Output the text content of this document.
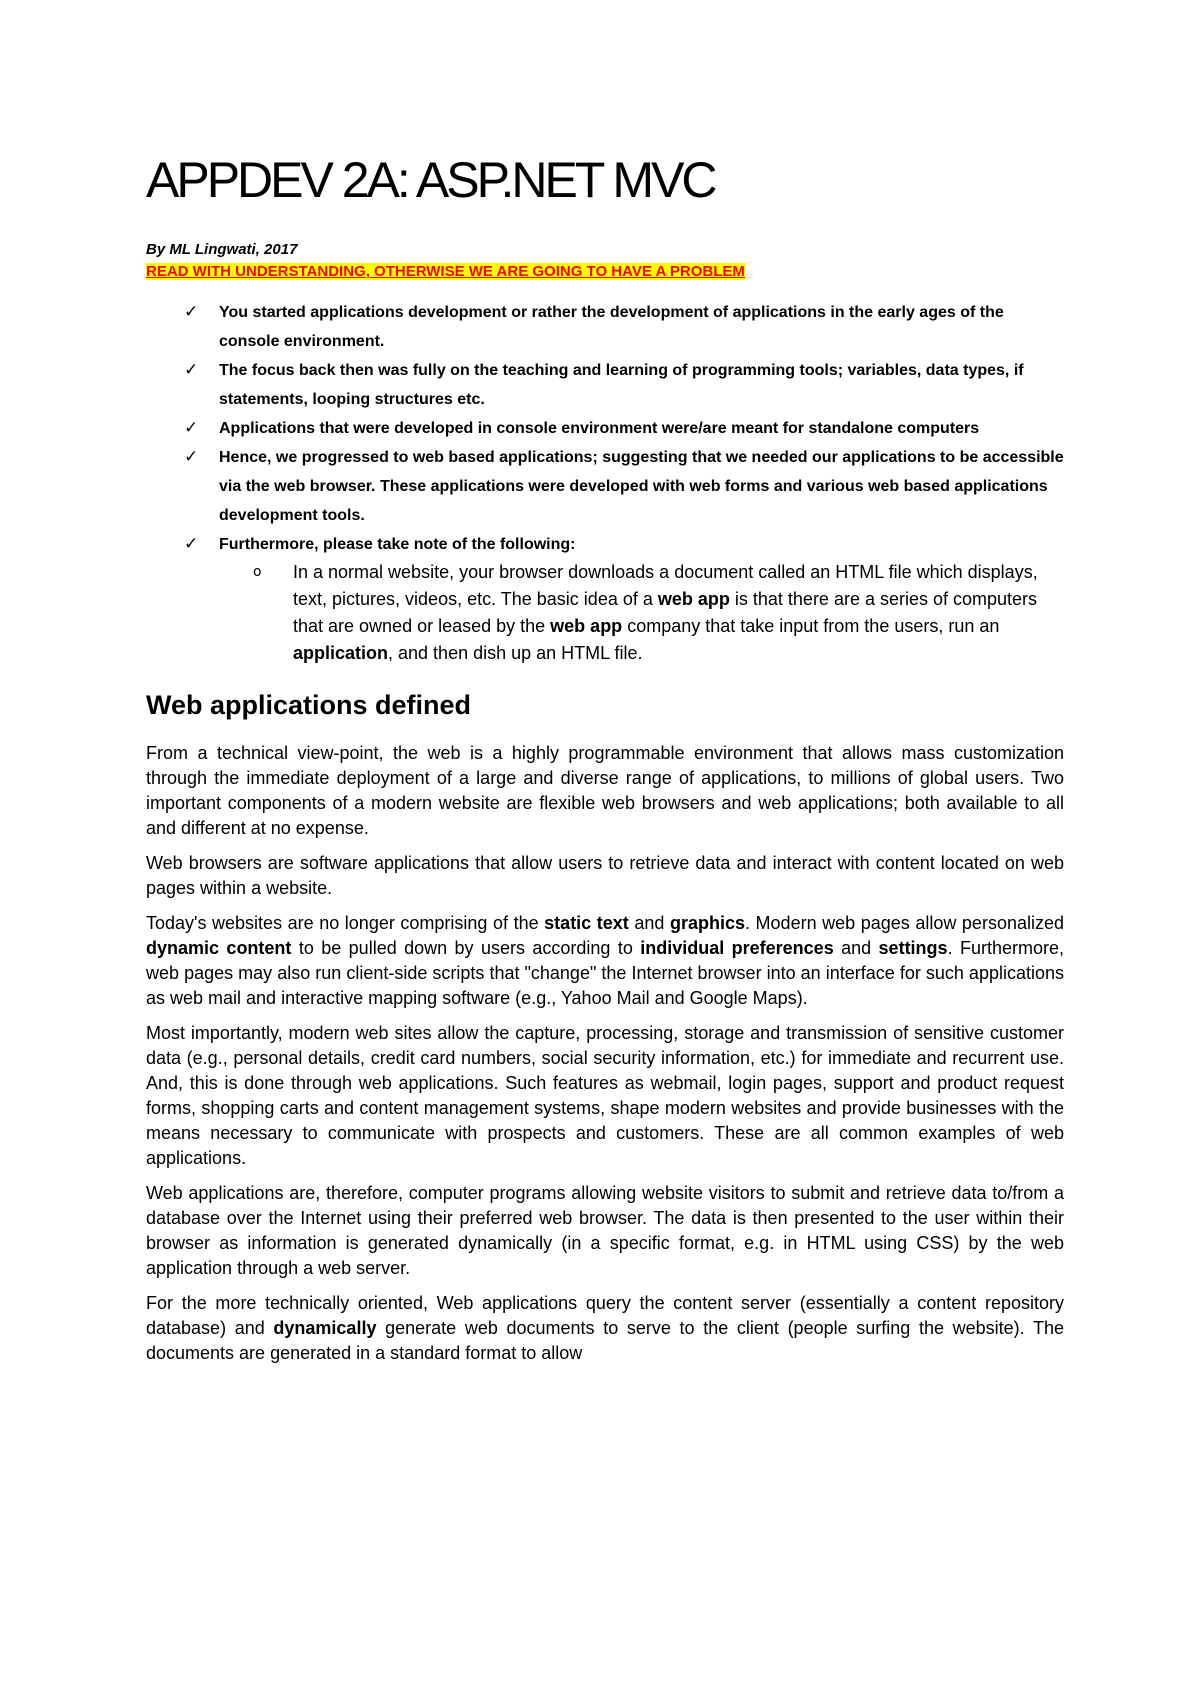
APPDEV 2A: ASP.NET MVC

By ML Lingwati, 2017

READ WITH UNDERSTANDING, OTHERWISE WE ARE GOING TO HAVE A PROBLEM

✓ You started applications development or rather the development of applications in the early ages of the console environment.
✓ The focus back then was fully on the teaching and learning of programming tools; variables, data types, if statements, looping structures etc.
✓ Applications that were developed in console environment were/are meant for standalone computers
✓ Hence, we progressed to web based applications; suggesting that we needed our applications to be accessible via the web browser. These applications were developed with web forms and various web based applications development tools.
✓ Furthermore, please take note of the following:
o In a normal website, your browser downloads a document called an HTML file which displays, text, pictures, videos, etc. The basic idea of a web app is that there are a series of computers that are owned or leased by the web app company that take input from the users, run an application, and then dish up an HTML file.
Web applications defined

From a technical view-point, the web is a highly programmable environment that allows mass customization through the immediate deployment of a large and diverse range of applications, to millions of global users. Two important components of a modern website are flexible web browsers and web applications; both available to all and different at no expense.

Web browsers are software applications that allow users to retrieve data and interact with content located on web pages within a website.

Today's websites are no longer comprising of the static text and graphics. Modern web pages allow personalized dynamic content to be pulled down by users according to individual preferences and settings. Furthermore, web pages may also run client-side scripts that "change" the Internet browser into an interface for such applications as web mail and interactive mapping software (e.g., Yahoo Mail and Google Maps).

Most importantly, modern web sites allow the capture, processing, storage and transmission of sensitive customer data (e.g., personal details, credit card numbers, social security information, etc.) for immediate and recurrent use. And, this is done through web applications. Such features as webmail, login pages, support and product request forms, shopping carts and content management systems, shape modern websites and provide businesses with the means necessary to communicate with prospects and customers. These are all common examples of web applications.

Web applications are, therefore, computer programs allowing website visitors to submit and retrieve data to/from a database over the Internet using their preferred web browser. The data is then presented to the user within their browser as information is generated dynamically (in a specific format, e.g. in HTML using CSS) by the web application through a web server.

For the more technically oriented, Web applications query the content server (essentially a content repository database) and dynamically generate web documents to serve to the client (people surfing the website). The documents are generated in a standard format to allow
